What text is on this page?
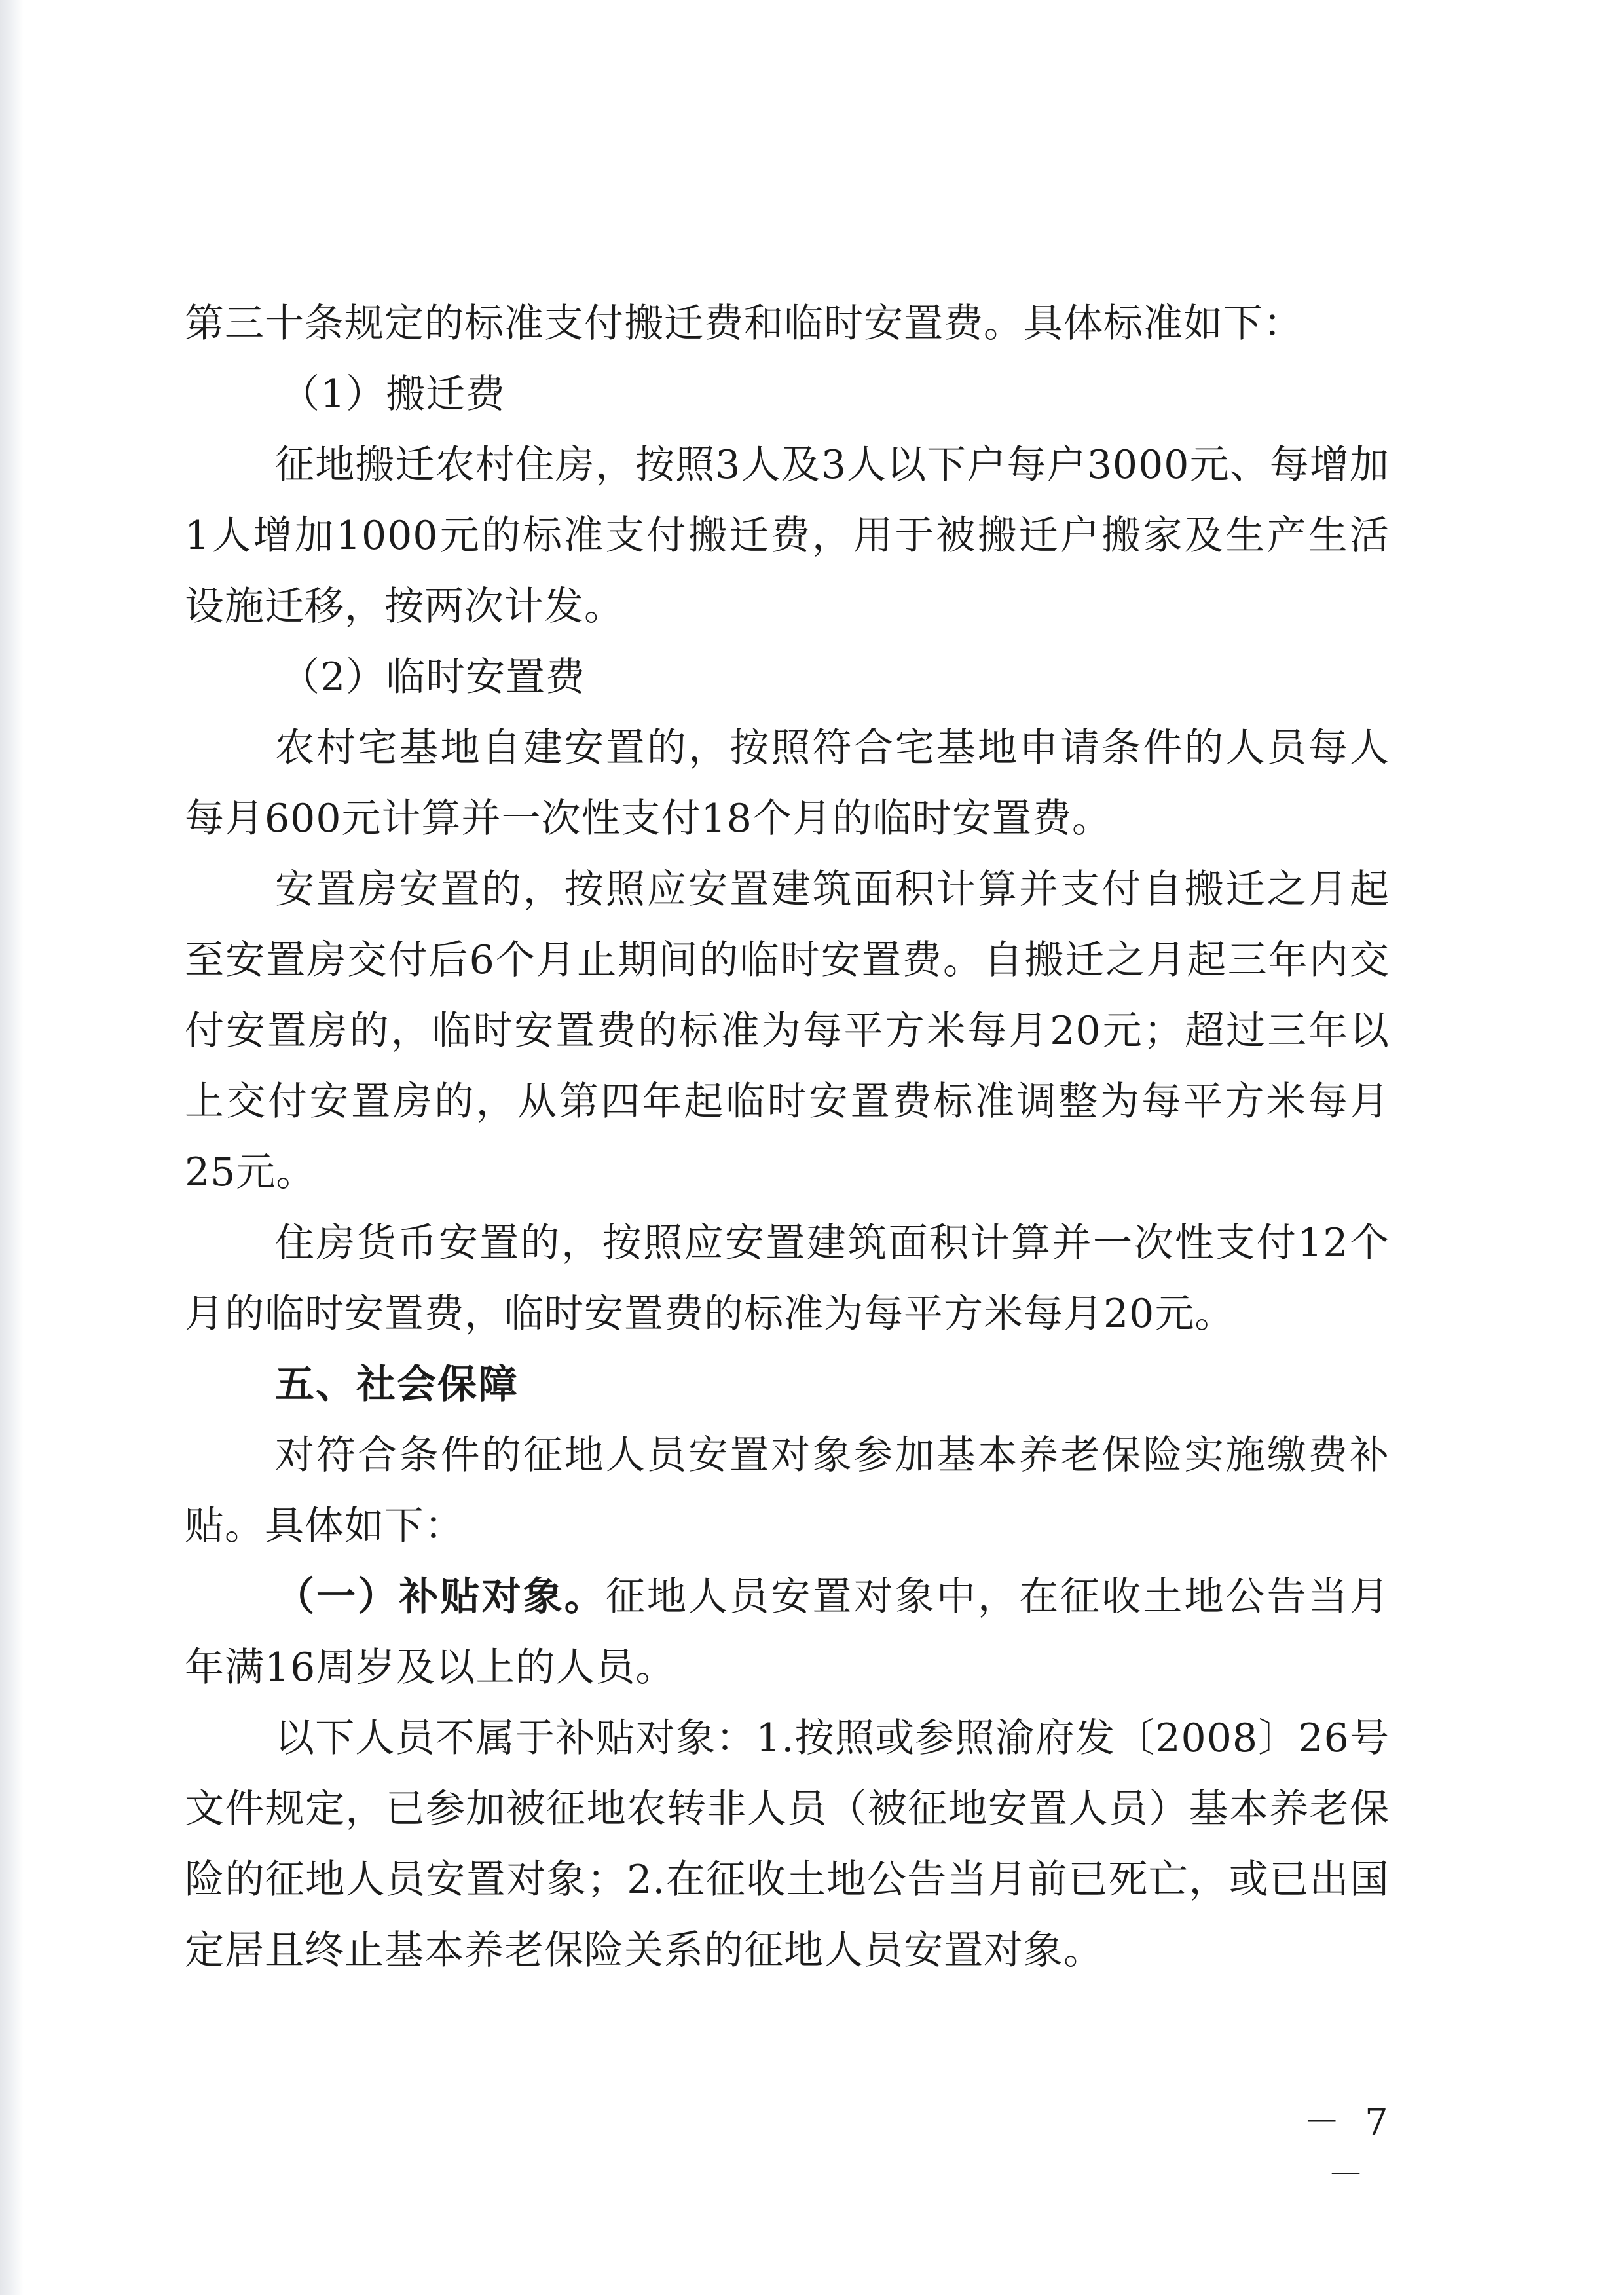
第三十条规定的标准支付搬迁费和临时安置费。具体标准如下：

（1）搬迁费

征地搬迁农村住房，按照3人及3人以下户每户3000元、每增加1人增加1000元的标准支付搬迁费，用于被搬迁户搬家及生产生活设施迁移，按两次计发。

（2）临时安置费

农村宅基地自建安置的，按照符合宅基地申请条件的人员每人每月600元计算并一次性支付18个月的临时安置费。

安置房安置的，按照应安置建筑面积计算并支付自搬迁之月起至安置房交付后6个月止期间的临时安置费。自搬迁之月起三年内交付安置房的，临时安置费的标准为每平方米每月20元；超过三年以上交付安置房的，从第四年起临时安置费标准调整为每平方米每月25元。

住房货币安置的，按照应安置建筑面积计算并一次性支付12个月的临时安置费，临时安置费的标准为每平方米每月20元。

五、社会保障

对符合条件的征地人员安置对象参加基本养老保险实施缴费补贴。具体如下：

（一）补贴对象。征地人员安置对象中，在征收土地公告当月年满16周岁及以上的人员。

以下人员不属于补贴对象：1.按照或参照渝府发〔2008〕26号文件规定，已参加被征地农转非人员（被征地安置人员）基本养老保险的征地人员安置对象；2.在征收土地公告当月前已死亡，或已出国定居且终止基本养老保险关系的征地人员安置对象。

－ 7 －
